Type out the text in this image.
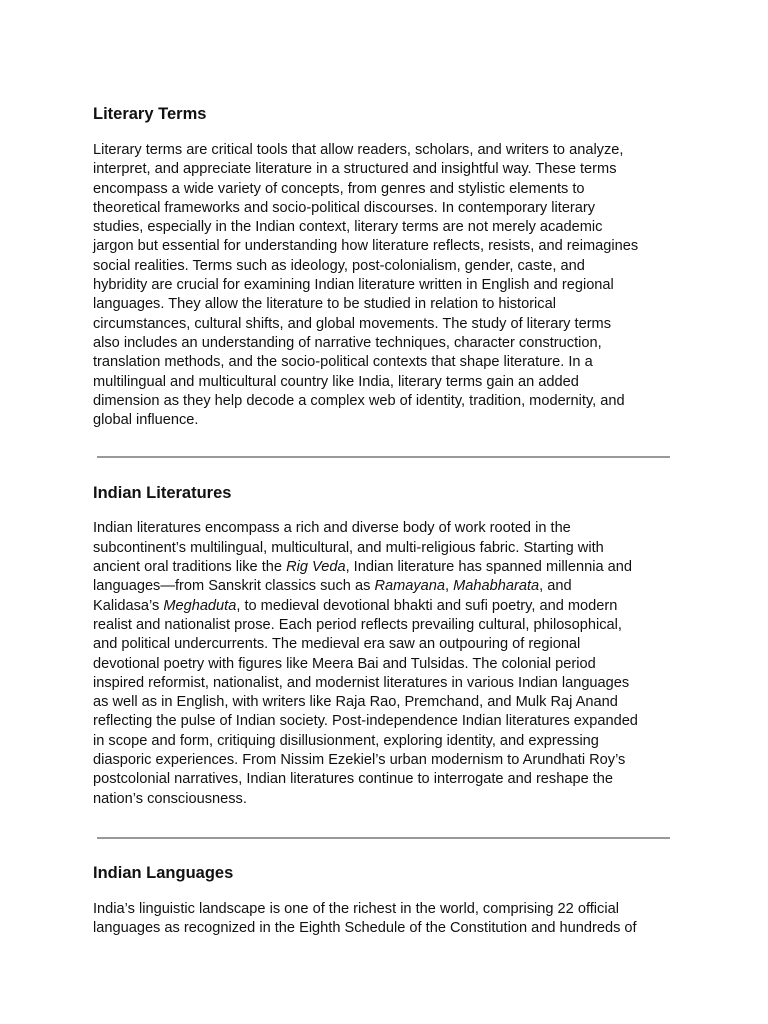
Literary Terms

Literary terms are critical tools that allow readers, scholars, and writers to analyze,
interpret, and appreciate literature in a structured and insightful way. These terms
encompass a wide variety of concepts, from genres and stylistic elements to
theoretical frameworks and socio-political discourses. In contemporary literary
studies, especially in the Indian context, literary terms are not merely academic
jargon but essential for understanding how literature reflects, resists, and reimagines
social realities. Terms such as ideology, post-colonialism, gender, caste, and
hybridity are crucial for examining Indian literature written in English and regional
languages. They allow the literature to be studied in relation to historical
circumstances, cultural shifts, and global movements. The study of literary terms
also includes an understanding of narrative techniques, character construction,
translation methods, and the socio-political contexts that shape literature. In a
multilingual and multicultural country like India, literary terms gain an added
dimension as they help decode a complex web of identity, tradition, modernity, and
global influence.

Indian Literatures

Indian literatures encompass a rich and diverse body of work rooted in the
subcontinent’s multilingual, multicultural, and multi-religious fabric. Starting with
ancient oral traditions like the Rig Veda, Indian literature has spanned millennia and
languages—from Sanskrit classics such as Ramayana, Mahabharata, and
Kalidasa’s Meghaduta, to medieval devotional bhakti and sufi poetry, and modern
realist and nationalist prose. Each period reflects prevailing cultural, philosophical,
and political undercurrents. The medieval era saw an outpouring of regional
devotional poetry with figures like Meera Bai and Tulsidas. The colonial period
inspired reformist, nationalist, and modernist literatures in various Indian languages
as well as in English, with writers like Raja Rao, Premchand, and Mulk Raj Anand
reflecting the pulse of Indian society. Post-independence Indian literatures expanded
in scope and form, critiquing disillusionment, exploring identity, and expressing
diasporic experiences. From Nissim Ezekiel’s urban modernism to Arundhati Roy’s
postcolonial narratives, Indian literatures continue to interrogate and reshape the
nation’s consciousness.

Indian Languages

India’s linguistic landscape is one of the richest in the world, comprising 22 official
languages as recognized in the Eighth Schedule of the Constitution and hundreds of
